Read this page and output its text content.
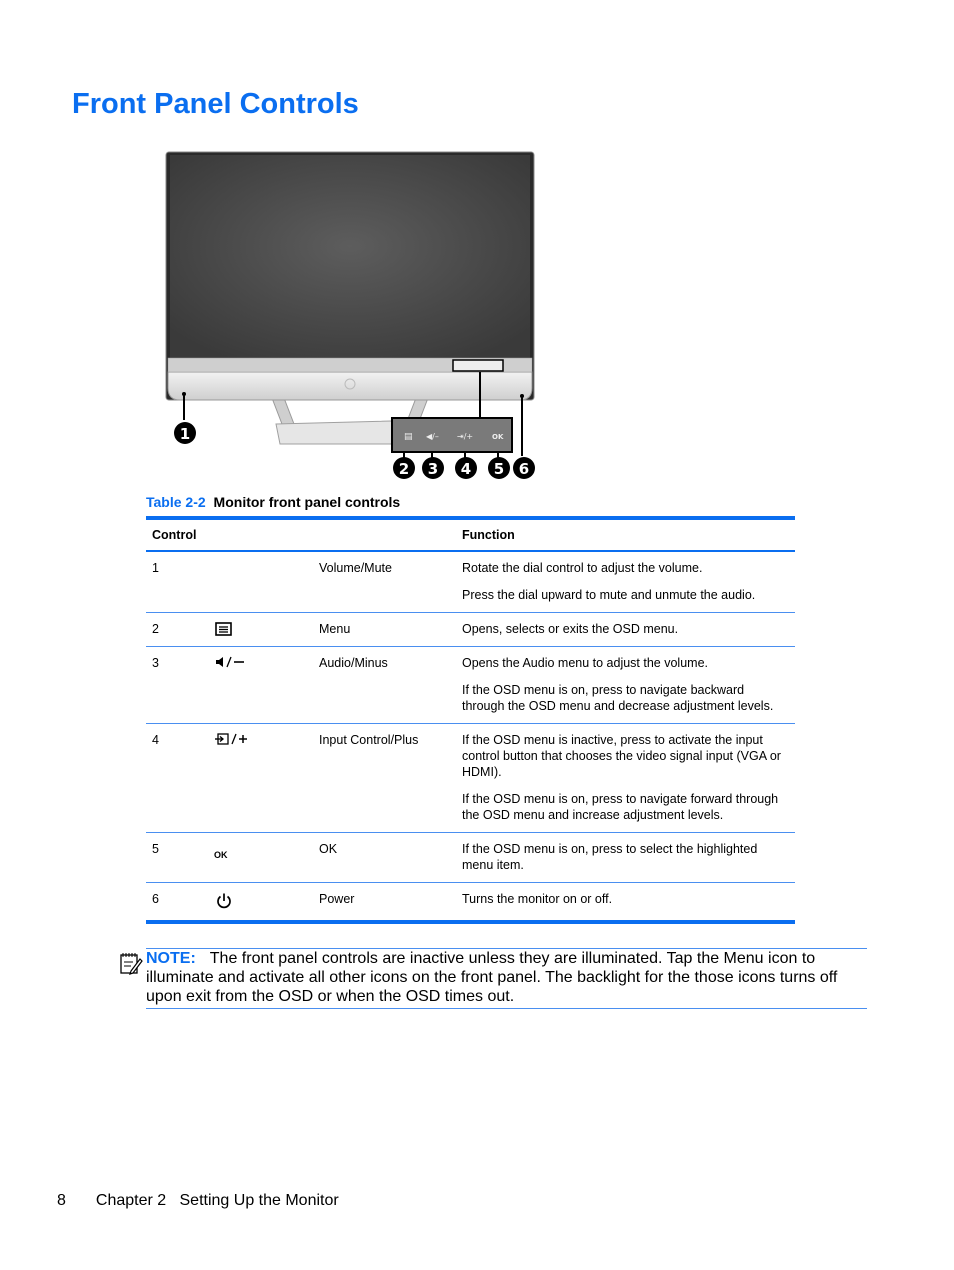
Front Panel Controls
▤ ◀/– ⇥/+	OK
1
2 3 4 5 6
Table 2-2 Monitor front panel controls
Control			Function
1		Volume/Mute	Rotate the dial control to adjust the volume.

Press the dial upward to mute and unmute the audio.

2		Menu	Opens, selects or exits the OSD menu.

3		Audio/Minus	Opens the Audio menu to adjust the volume.

If the OSD menu is on, press to navigate backward through the OSD menu and decrease adjustment levels.

4		Input Control/Plus	If the OSD menu is inactive, press to activate the input control button that chooses the video signal input (VGA or HDMI).

If the OSD menu is on, press to navigate forward through the OSD menu and increase adjustment levels.

5	OK	OK	If the OSD menu is on, press to select the highlighted menu item.

6		Power	Turns the monitor on or off.

NOTE: The front panel controls are inactive unless they are illuminated. Tap the Menu icon to illuminate and activate all other icons on the front panel. The backlight for the those icons turns off upon exit from the OSD or when the OSD times out.
8 Chapter 2   Setting Up the Monitor
